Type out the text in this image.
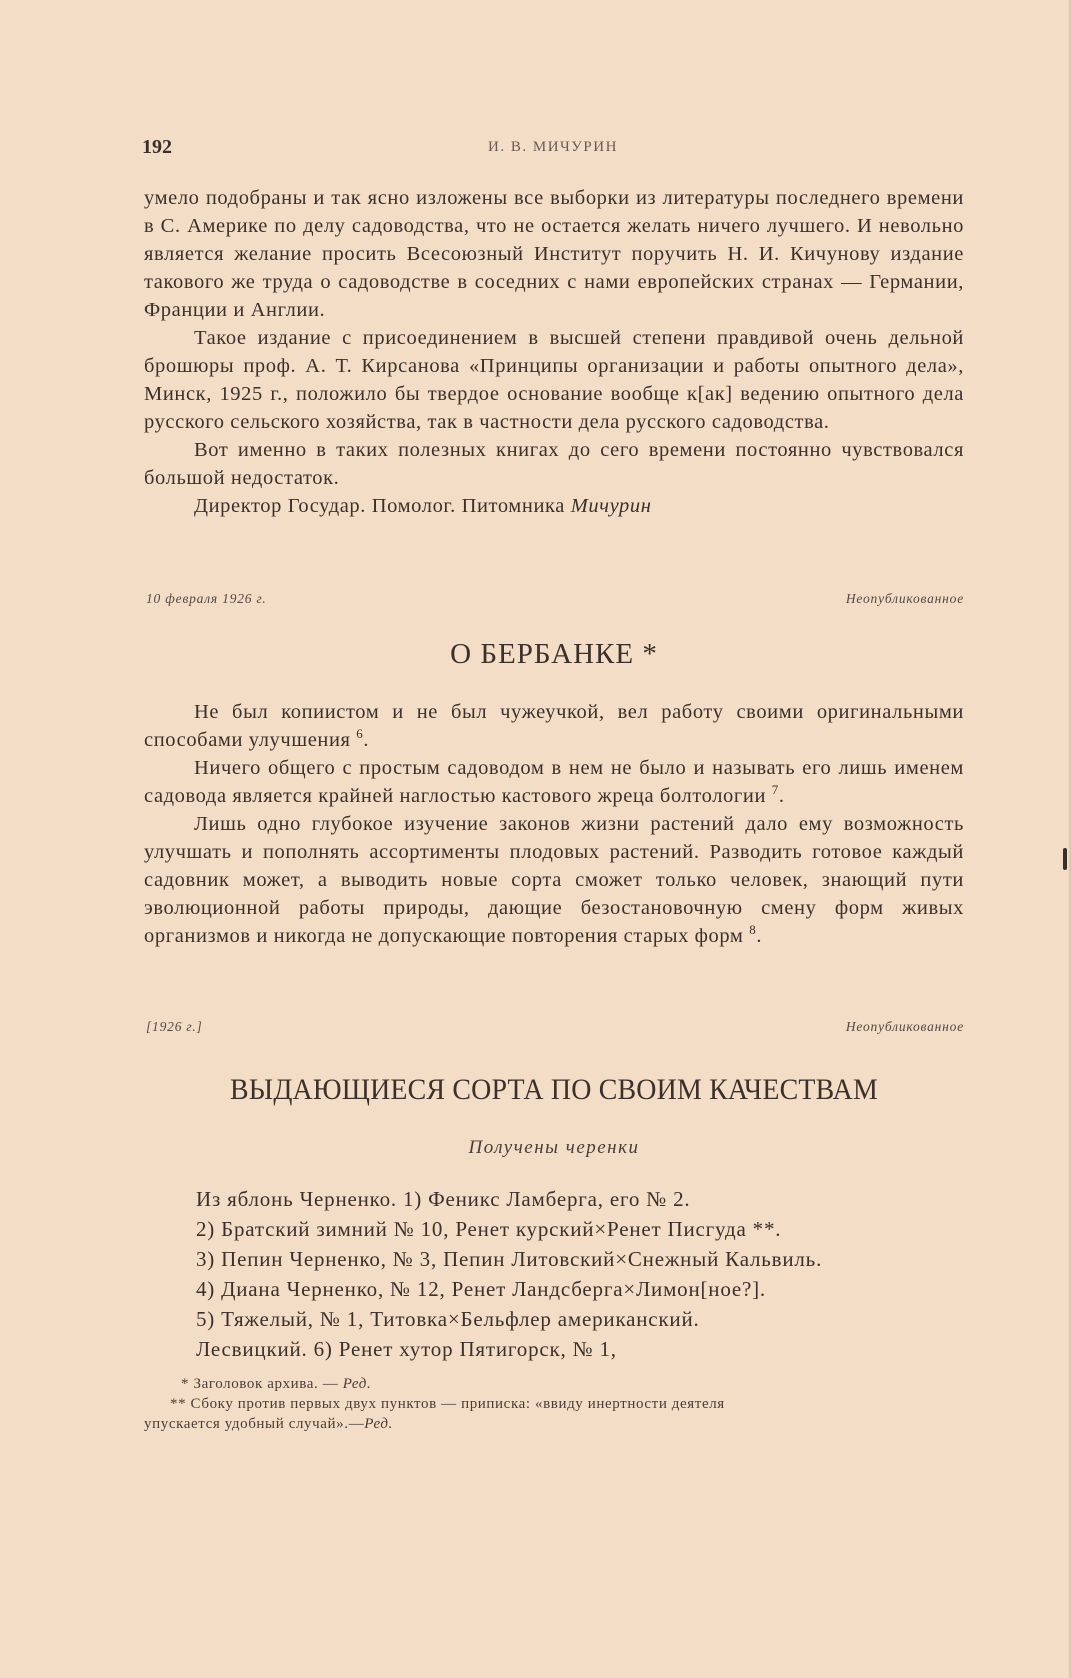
192	И. В. МИЧУРИН

умело подобраны и так ясно изложены все выборки из литературы последнего времени в С. Америке по делу садоводства, что не остается желать ничего лучшего. И невольно является желание просить Всесоюзный Институт поручить Н. И. Кичунову издание такового же труда о садоводстве в соседних с нами европейских странах — Германии, Франции и Англии.

Такое издание с присоединением в высшей степени правдивой очень дельной брошюры проф. А. Т. Кирсанова «Принципы организации и работы опытного дела», Минск, 1925 г., положило бы твердое основание вообще к[ак] ведению опытного дела русского сельского хозяйства, так в частности дела русского садоводства.

Вот именно в таких полезных книгах до сего времени постоянно чувствовался большой недостаток.

Директор Государ. Помолог. Питомника Мичурин

10 февраля 1926 г.	Неопубликованное
О БЕРБАНКЕ *

Не был копиистом и не был чужеучкой, вел работу своими оригинальными способами улучшения $^6$.

Ничего общего с простым садоводом в нем не было и называть его лишь именем садовода является крайней наглостью кастового жреца болтологии $^7$.

Лишь одно глубокое изучение законов жизни растений дало ему возможность улучшать и пополнять ассортименты плодовых растений. Разводить готовое каждый садовник может, а выводить новые сорта сможет только человек, знающий пути эволюционной работы природы, дающие безостановочную смену форм живых организмов и никогда не допускающие повторения старых форм $^8$.

[1926 г.]	Неопубликованное
ВЫДАЮЩИЕСЯ СОРТА ПО СВОИМ КАЧЕСТВАМ
Получены черенки
Из яблонь Черненко. 1) Феникс Ламберга, его № 2.
2) Братский зимний № 10, Ренет курский×Ренет Писгуда **.
3) Пепин Черненко, № 3, Пепин Литовский×Снежный Кальвиль.
4) Диана Черненко, № 12, Ренет Ландсберга×Лимон[ное?].
5) Тяжелый, № 1, Титовка×Бельфлер американский.
Лесвицкий. 6) Ренет хутор Пятигорск, № 1,
* Заголовок архива. — Ред.
** Сбоку против первых двух пунктов — приписка: «ввиду инертности деятеля
упускается удобный случай».—Ред.
